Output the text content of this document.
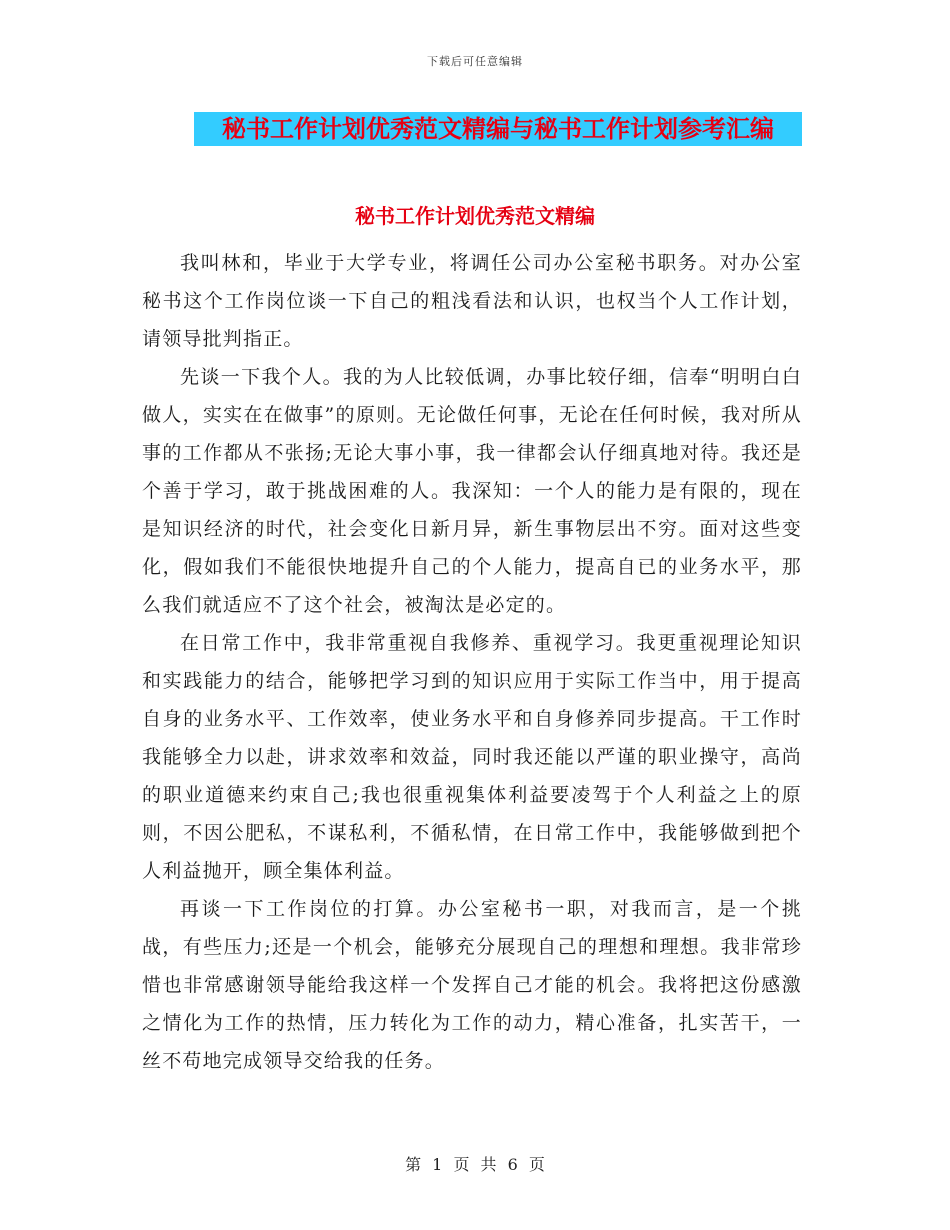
下载后可任意编辑
秘书工作计划优秀范文精编与秘书工作计划参考汇编
秘书工作计划优秀范文精编

我叫林和，毕业于大学专业，将调任公司办公室秘书职务。对办公室秘书这个工作岗位谈一下自己的粗浅看法和认识，也权当个人工作计划，请领导批判指正。

先谈一下我个人。我的为人比较低调，办事比较仔细，信奉“明明白白做人，实实在在做事”的原则。无论做任何事，无论在任何时候，我对所从事的工作都从不张扬;无论大事小事，我一律都会认仔细真地对待。我还是个善于学习，敢于挑战困难的人。我深知：一个人的能力是有限的，现在是知识经济的时代，社会变化日新月异，新生事物层出不穷。面对这些变化，假如我们不能很快地提升自己的个人能力，提高自已的业务水平，那么我们就适应不了这个社会，被淘汰是必定的。

在日常工作中，我非常重视自我修养、重视学习。我更重视理论知识和实践能力的结合，能够把学习到的知识应用于实际工作当中，用于提高自身的业务水平、工作效率，使业务水平和自身修养同步提高。干工作时我能够全力以赴，讲求效率和效益，同时我还能以严谨的职业操守，高尚的职业道德来约束自己;我也很重视集体利益要凌驾于个人利益之上的原则，不因公肥私，不谋私利，不循私情，在日常工作中，我能够做到把个人利益抛开，顾全集体利益。

再谈一下工作岗位的打算。办公室秘书一职，对我而言，是一个挑战，有些压力;还是一个机会，能够充分展现自己的理想和理想。我非常珍惜也非常感谢领导能给我这样一个发挥自己才能的机会。我将把这份感激之情化为工作的热情，压力转化为工作的动力，精心准备，扎实苦干，一丝不苟地完成领导交给我的任务。

第 1 页 共 6 页
